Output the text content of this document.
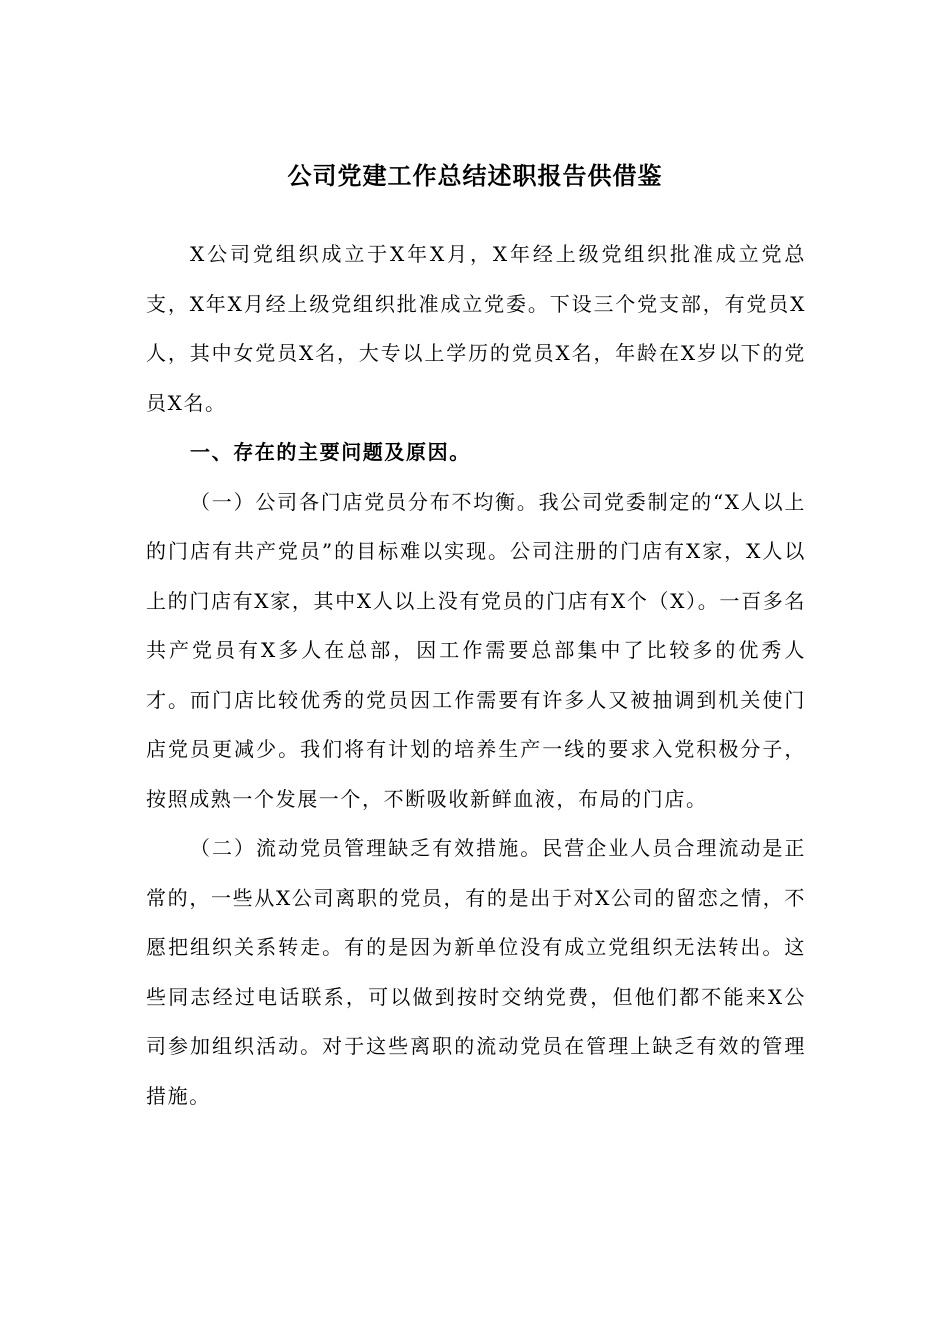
公司党建工作总结述职报告供借鉴

X公司党组织成立于X年X月，X年经上级党组织批准成立党总支，X年X月经上级党组织批准成立党委。下设三个党支部，有党员X人，其中女党员X名，大专以上学历的党员X名，年龄在X岁以下的党员X名。

一、存在的主要问题及原因。

（一）公司各门店党员分布不均衡。我公司党委制定的“X人以上的门店有共产党员”的目标难以实现。公司注册的门店有X家，X人以上的门店有X家，其中X人以上没有党员的门店有X个（X）。一百多名共产党员有X多人在总部，因工作需要总部集中了比较多的优秀人才。而门店比较优秀的党员因工作需要有许多人又被抽调到机关使门店党员更减少。我们将有计划的培养生产一线的要求入党积极分子，按照成熟一个发展一个，不断吸收新鲜血液，布局的门店。

（二）流动党员管理缺乏有效措施。民营企业人员合理流动是正常的，一些从X公司离职的党员，有的是出于对X公司的留恋之情，不愿把组织关系转走。有的是因为新单位没有成立党组织无法转出。这些同志经过电话联系，可以做到按时交纳党费，但他们都不能来X公司参加组织活动。对于这些离职的流动党员在管理上缺乏有效的管理措施。
